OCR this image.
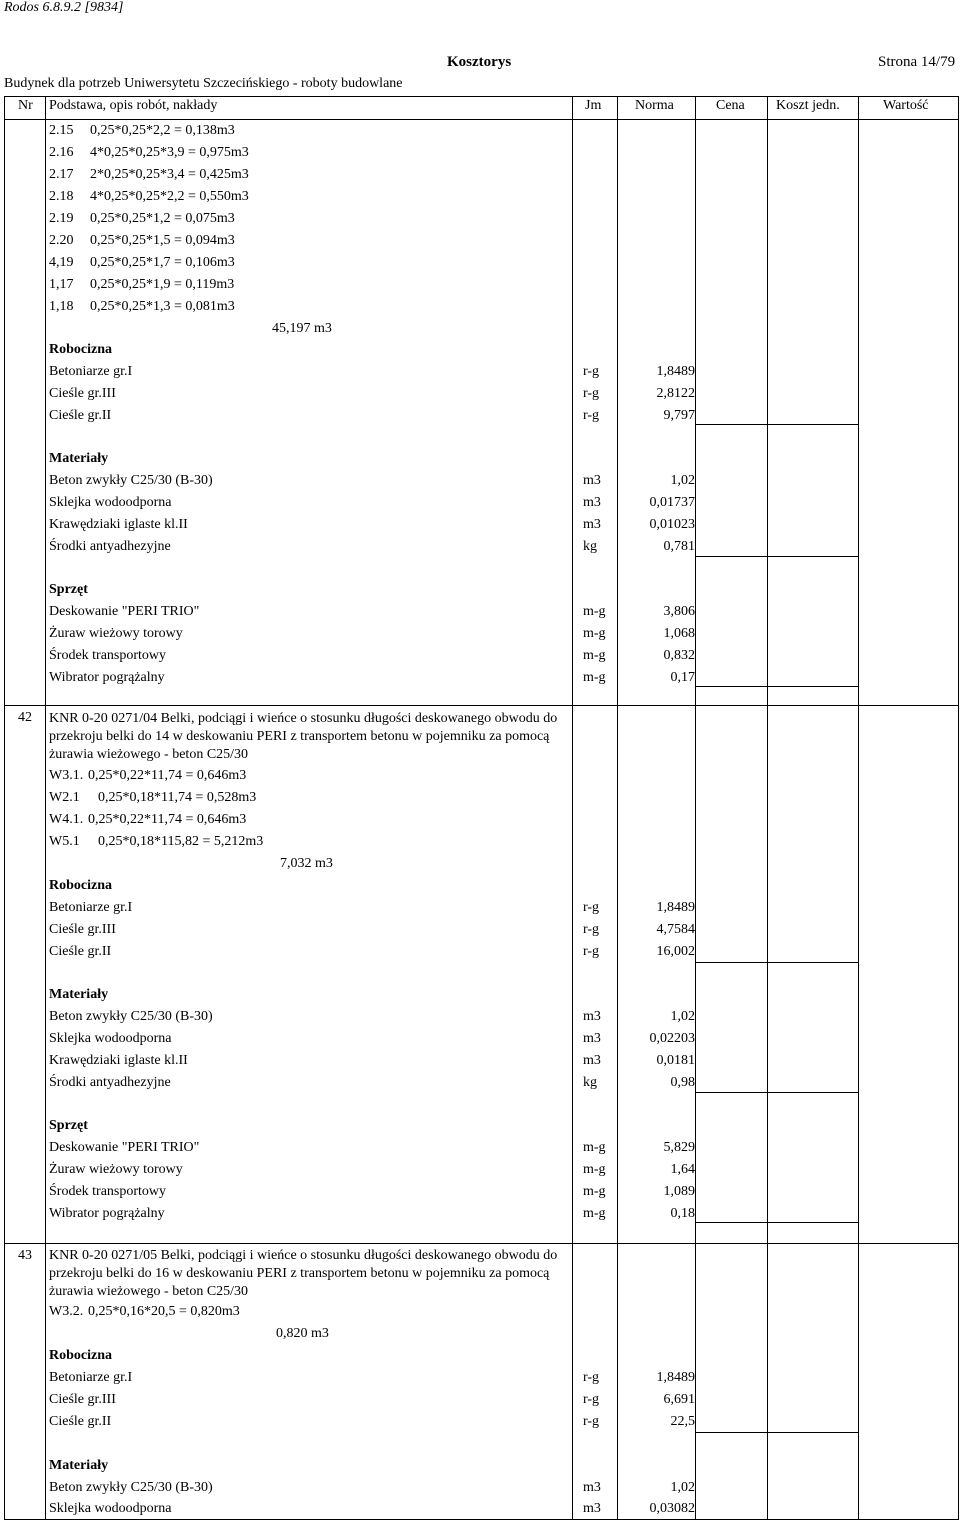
Rodos 6.8.9.2 [9834]
Kosztorys	Strona 14/79
Budynek dla potrzeb Uniwersytetu Szczecińskiego - roboty budowlane
Nr Podstawa, opis robót, nakłady	Jm Norma	Cena Koszt jedn.	Wartość
2.15 0,25*0,25*2,2 = 0,138m3
2.16 4*0,25*0,25*3,9 = 0,975m3
2.17 2*0,25*0,25*3,4 = 0,425m3
2.18 4*0,25*0,25*2,2 = 0,550m3
2.19 0,25*0,25*1,2 = 0,075m3
2.20 0,25*0,25*1,5 = 0,094m3
4,19 0,25*0,25*1,7 = 0,106m3
1,17 0,25*0,25*1,9 = 0,119m3
1,18 0,25*0,25*1,3 = 0,081m3
45,197 m3
Robocizna
Betoniarze gr.I	r-g	1,8489
Cieśle gr.III	r-g	2,8122
Cieśle gr.II	r-g	9,797
Materiały
Beton zwykły C25/30 (B-30)	m3	1,02
Sklejka wodoodporna	m3	0,01737
Krawędziaki iglaste kl.II	m3	0,01023
Środki antyadhezyjne	kg	0,781
Sprzęt
Deskowanie "PERI TRIO"	m-g	3,806
Żuraw wieżowy torowy	m-g	1,068
Środek transportowy	m-g	0,832
Wibrator pogrążalny	m-g	0,17
42 KNR 0-20 0271/04 Belki, podciągi i wieńce o stosunku długości deskowanego obwodu do przekroju belki do 14 w deskowaniu PERI z transportem betonu w pojemniku za pomocą żurawia wieżowego - beton C25/30
W3.1. 0,25*0,22*11,74 = 0,646m3
W2.1 0,25*0,18*11,74 = 0,528m3
W4.1. 0,25*0,22*11,74 = 0,646m3
W5.1 0,25*0,18*115,82 = 5,212m3
7,032 m3
Robocizna
Betoniarze gr.I	r-g	1,8489
Cieśle gr.III	r-g	4,7584
Cieśle gr.II	r-g	16,002
Materiały
Beton zwykły C25/30 (B-30)	m3	1,02
Sklejka wodoodporna	m3	0,02203
Krawędziaki iglaste kl.II	m3	0,0181
Środki antyadhezyjne	kg	0,98
Sprzęt
Deskowanie "PERI TRIO"	m-g	5,829
Żuraw wieżowy torowy	m-g	1,64
Środek transportowy	m-g	1,089
Wibrator pogrążalny	m-g	0,18
43 KNR 0-20 0271/05 Belki, podciągi i wieńce o stosunku długości deskowanego obwodu do przekroju belki do 16 w deskowaniu PERI z transportem betonu w pojemniku za pomocą żurawia wieżowego - beton C25/30
W3.2. 0,25*0,16*20,5 = 0,820m3
0,820 m3
Robocizna
Betoniarze gr.I	r-g	1,8489
Cieśle gr.III	r-g	6,691
Cieśle gr.II	r-g	22,5
Materiały
Beton zwykły C25/30 (B-30)	m3	1,02
Sklejka wodoodporna	m3	0,03082
